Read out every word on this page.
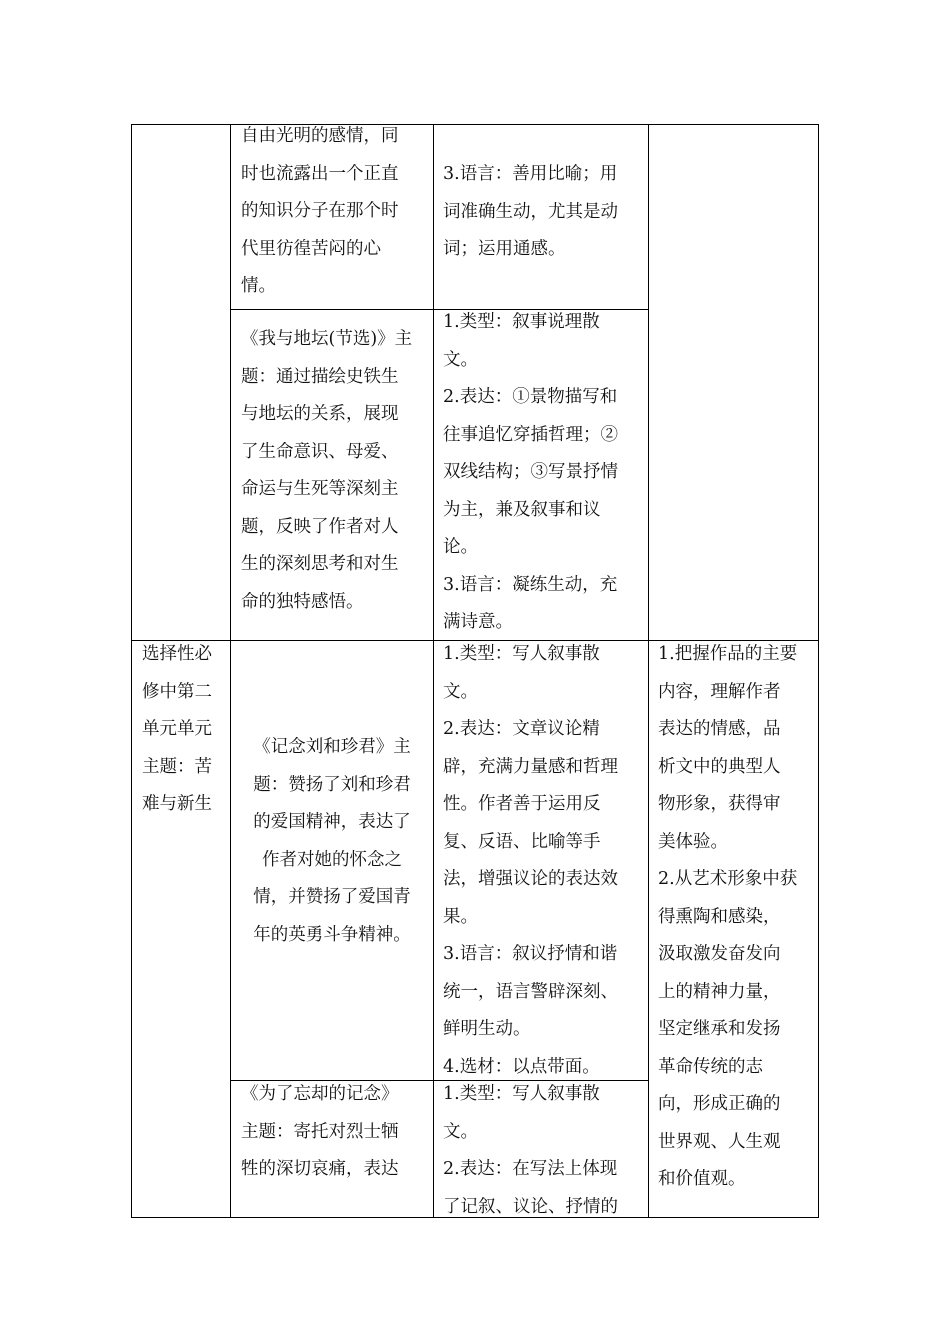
自由光明的感情，同

时也流露出一个正直

的知识分子在那个时

代里彷徨苦闷的心

情。

3.语言：善用比喻；用

词准确生动，尤其是动

词；运用通感。

《我与地坛(节选)》主

题：通过描绘史铁生

与地坛的关系，展现

了生命意识、母爱、

命运与生死等深刻主

题，反映了作者对人

生的深刻思考和对生

命的独特感悟。

1.类型：叙事说理散

文。

2.表达：①景物描写和

往事追忆穿插哲理；②

双线结构；③写景抒情

为主，兼及叙事和议

论。

3.语言：凝练生动，充

满诗意。

选择性必

修中第二

单元单元

主题：苦

难与新生

《记念刘和珍君》主

题：赞扬了刘和珍君

的爱国精神，表达了

作者对她的怀念之

情，并赞扬了爱国青

年的英勇斗争精神。

1.类型：写人叙事散

文。

2.表达：文章议论精

辟，充满力量感和哲理

性。作者善于运用反

复、反语、比喻等手

法，增强议论的表达效

果。

3.语言：叙议抒情和谐

统一，语言警辟深刻、

鲜明生动。

4.选材：以点带面。

《为了忘却的记念》

主题：寄托对烈士牺

牲的深切哀痛，表达

1.类型：写人叙事散

文。

2.表达：在写法上体现

了记叙、议论、抒情的

1.把握作品的主要

内容，理解作者

表达的情感，品

析文中的典型人

物形象，获得审

美体验。

2.从艺术形象中获

得熏陶和感染，

汲取激发奋发向

上的精神力量，

坚定继承和发扬

革命传统的志

向，形成正确的

世界观、人生观

和价值观。
